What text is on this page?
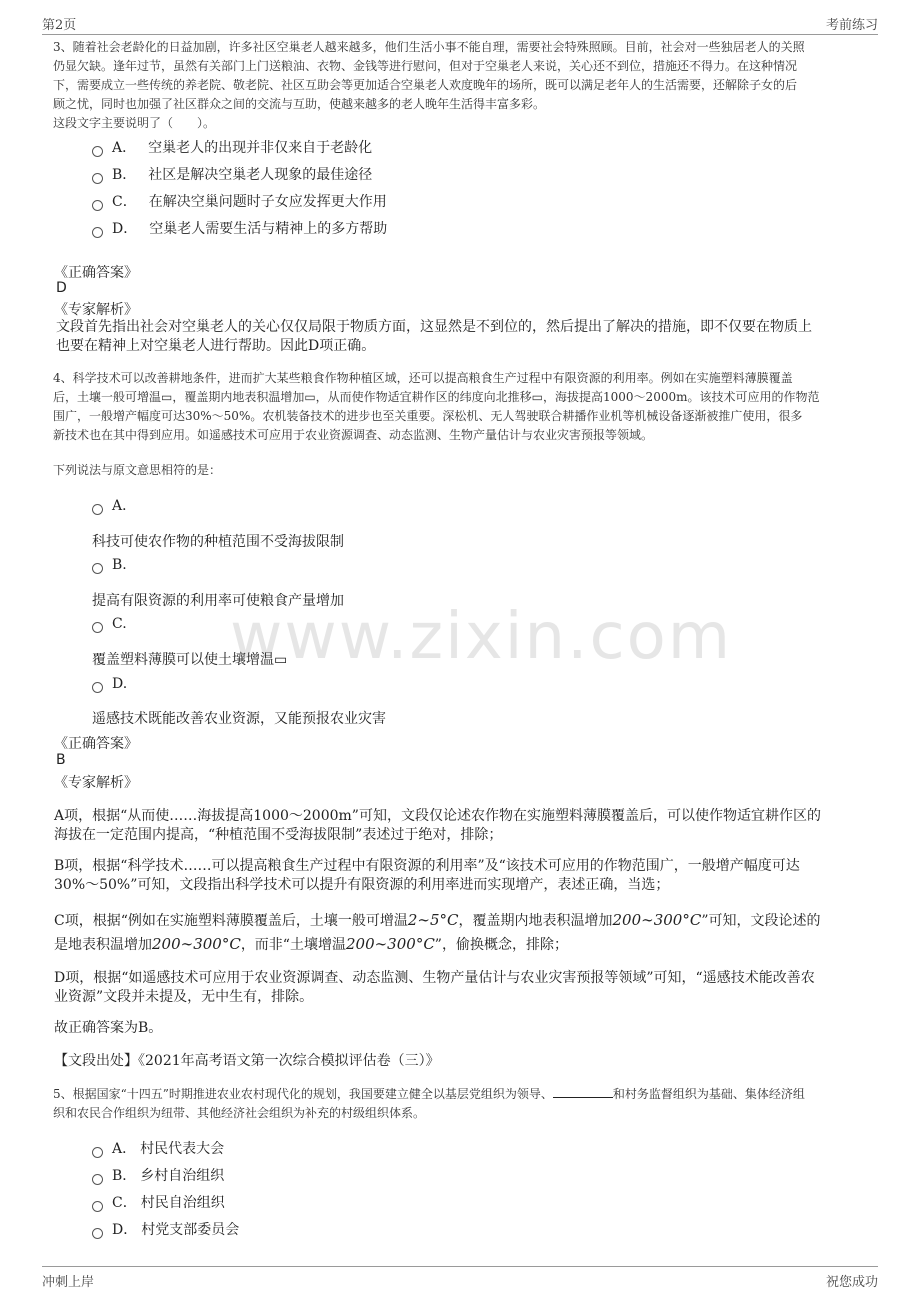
第2页	考前练习
www.zixin.com
3、随着社会老龄化的日益加剧，许多社区空巢老人越来越多，他们生活小事不能自理，需要社会特殊照顾。目前，社会对一些独居老人的关照
仍显欠缺。逢年过节，虽然有关部门上门送粮油、衣物、金钱等进行慰问，但对于空巢老人来说，关心还不到位，措施还不得力。在这种情况
下，需要成立一些传统的养老院、敬老院、社区互助会等更加适合空巢老人欢度晚年的场所，既可以满足老年人的生活需要，还解除子女的后
顾之忧，同时也加强了社区群众之间的交流与互助，使越来越多的老人晚年生活得丰富多彩。
这段文字主要说明了（　　）。
A． 空巢老人的出现并非仅来自于老龄化
B． 社区是解决空巢老人现象的最佳途径
C． 在解决空巢问题时子女应发挥更大作用
D． 空巢老人需要生活与精神上的多方帮助
《正确答案》
D
《专家解析》
文段首先指出社会对空巢老人的关心仅仅局限于物质方面，这显然是不到位的，然后提出了解决的措施，即不仅要在物质上
也要在精神上对空巢老人进行帮助。因此D项正确。
4、科学技术可以改善耕地条件，进而扩大某些粮食作物种植区域，还可以提高粮食生产过程中有限资源的利用率。例如在实施塑料薄膜覆盖
后，土壤一般可增温▭，覆盖期内地表积温增加▭，从而使作物适宜耕作区的纬度向北推移▭，海拔提高1000～2000m。该技术可应用的作物范
围广，一般增产幅度可达30%～50%。农机装备技术的进步也至关重要。深松机、无人驾驶联合耕播作业机等机械设备逐渐被推广使用，很多
新技术也在其中得到应用。如遥感技术可应用于农业资源调查、动态监测、生物产量估计与农业灾害预报等领域。
下列说法与原文意思相符的是：
A．
科技可使农作物的种植范围不受海拔限制
B.
提高有限资源的利用率可使粮食产量增加
C.
覆盖塑料薄膜可以使土壤增温▭
D.
遥感技术既能改善农业资源，又能预报农业灾害
《正确答案》
B
《专家解析》
A项，根据“从而使……海拔提高1000～2000m”可知，文段仅论述农作物在实施塑料薄膜覆盖后，可以使作物适宜耕作区的
海拔在一定范围内提高，“种植范围不受海拔限制”表述过于绝对，排除；
B项，根据“科学技术……可以提高粮食生产过程中有限资源的利用率”及“该技术可应用的作物范围广，一般增产幅度可达
30%～50%”可知，文段指出科学技术可以提升有限资源的利用率进而实现增产，表述正确，当选；
C项，根据“例如在实施塑料薄膜覆盖后，土壤一般可增温2∼5°C，覆盖期内地表积温增加200∼300°C”可知，文段论述的
是地表积温增加200∼300°C，而非“土壤增温200∼300°C”，偷换概念，排除；
D项，根据“如遥感技术可应用于农业资源调查、动态监测、生物产量估计与农业灾害预报等领域”可知，“遥感技术能改善农
业资源”文段并未提及，无中生有，排除。
故正确答案为B。
【文段出处】《2021年高考语文第一次综合模拟评估卷（三）》
5、根据国家“十四五”时期推进农业农村现代化的规划，我国要建立健全以基层党组织为领导、	和村务监督组织为基础、集体经济组
织和农民合作组织为纽带、其他经济社会组织为补充的村级组织体系。
A． 村民代表大会
B． 乡村自治组织
C． 村民自治组织
D． 村党支部委员会
冲刺上岸	祝您成功
